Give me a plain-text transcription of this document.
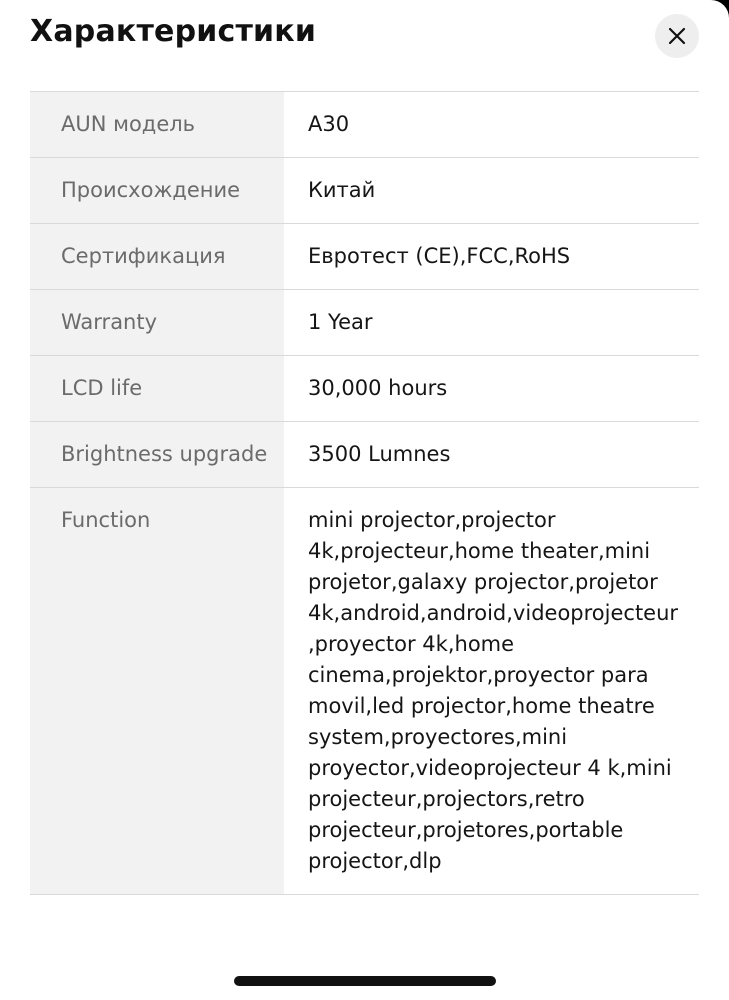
Характеристики
AUN модель	A30
Происхождение	Китай
Сертификация	Евротест (CE),FCC,RoHS
Warranty	1 Year
LCD life	30,000 hours
Brightness upgrade	3500 Lumnes
Function	mini projector,projector 4k,projecteur,home theater,mini projetor,galaxy projector,projetor 4k,android,android,videoprojecteur ,proyector 4k,home cinema,projektor,proyector para movil,led projector,home theatre system,proyectores,mini proyector,videoprojecteur 4 k,mini projecteur,projectors,retro projecteur,projetores,portable projector,dlp
